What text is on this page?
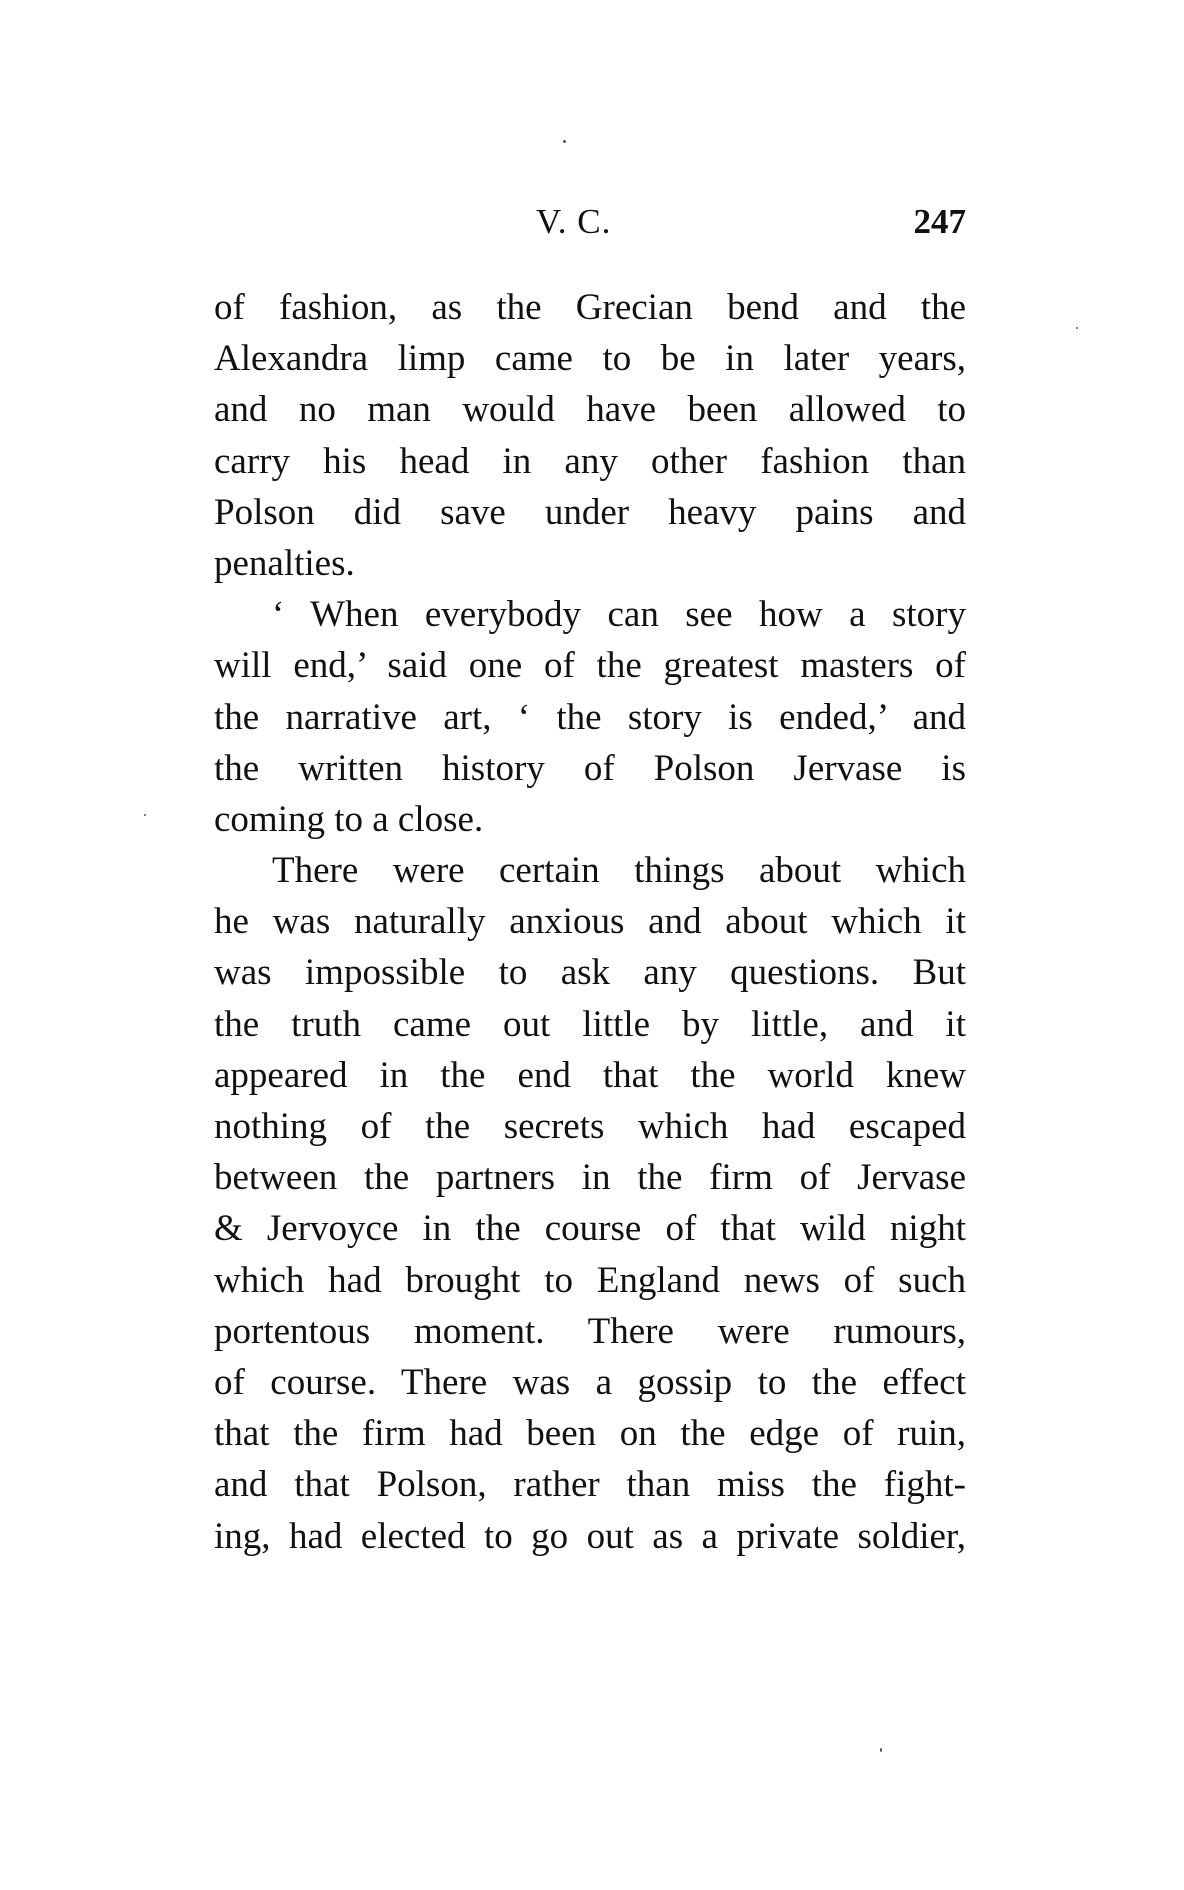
V. C.	247
of fashion, as the Grecian bend and the
Alexandra limp came to be in later years,
and no man would have been allowed to
carry his head in any other fashion than
Polson did save under heavy pains and
penalties.
‘ When everybody can see how a story
will end,’ said one of the greatest masters of
the narrative art, ‘ the story is ended,’ and
the written history of Polson Jervase is
coming to a close.
There were certain things about which
he was naturally anxious and about which it
was impossible to ask any questions. But
the truth came out little by little, and it
appeared in the end that the world knew
nothing of the secrets which had escaped
between the partners in the firm of Jervase
& Jervoyce in the course of that wild night
which had brought to England news of such
portentous moment. There were rumours,
of course. There was a gossip to the effect
that the firm had been on the edge of ruin,
and that Polson, rather than miss the fight-
ing, had elected to go out as a private soldier,
